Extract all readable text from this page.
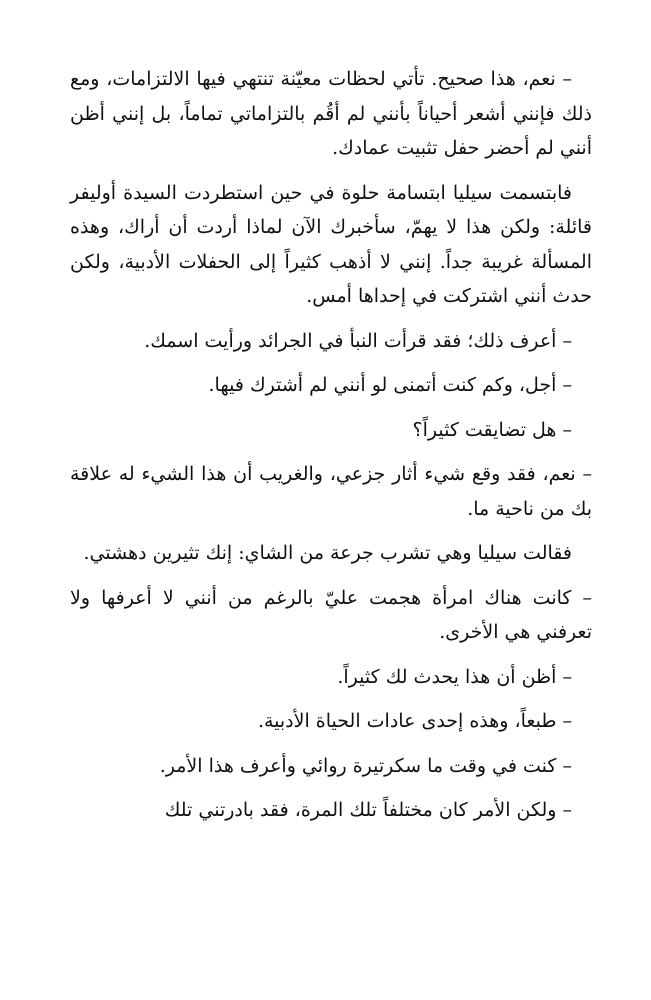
– نعم، هذا صحيح. تأتي لحظات معيّنة تنتهي فيها الالتزامات، ومع ذلك فإنني أشعر أحياناً بأنني لم أقُم بالتزاماتي تماماً، بل إنني أظن أنني لم أحضر حفل تثبيت عمادك.

فابتسمت سيليا ابتسامة حلوة في حين استطردت السيدة أوليفر قائلة: ولكن هذا لا يهمّ، سأخبرك الآن لماذا أردت أن أراك، وهذه المسألة غريبة جداً. إنني لا أذهب كثيراً إلى الحفلات الأدبية، ولكن حدث أنني اشتركت في إحداها أمس.

– أعرف ذلك؛ فقد قرأت النبأ في الجرائد ورأيت اسمك.

– أجل، وكم كنت أتمنى لو أنني لم أشترك فيها.

– هل تضايقت كثيراً؟

– نعم، فقد وقع شيء أثار جزعي، والغريب أن هذا الشيء له علاقة بك من ناحية ما.

فقالت سيليا وهي تشرب جرعة من الشاي: إنك تثيرين دهشتي.

– كانت هناك امرأة هجمت عليّ بالرغم من أنني لا أعرفها ولا تعرفني هي الأخرى.

– أظن أن هذا يحدث لك كثيراً.

– طبعاً، وهذه إحدى عادات الحياة الأدبية.

– كنت في وقت ما سكرتيرة روائي وأعرف هذا الأمر.

– ولكن الأمر كان مختلفاً تلك المرة، فقد بادرتني تلك
